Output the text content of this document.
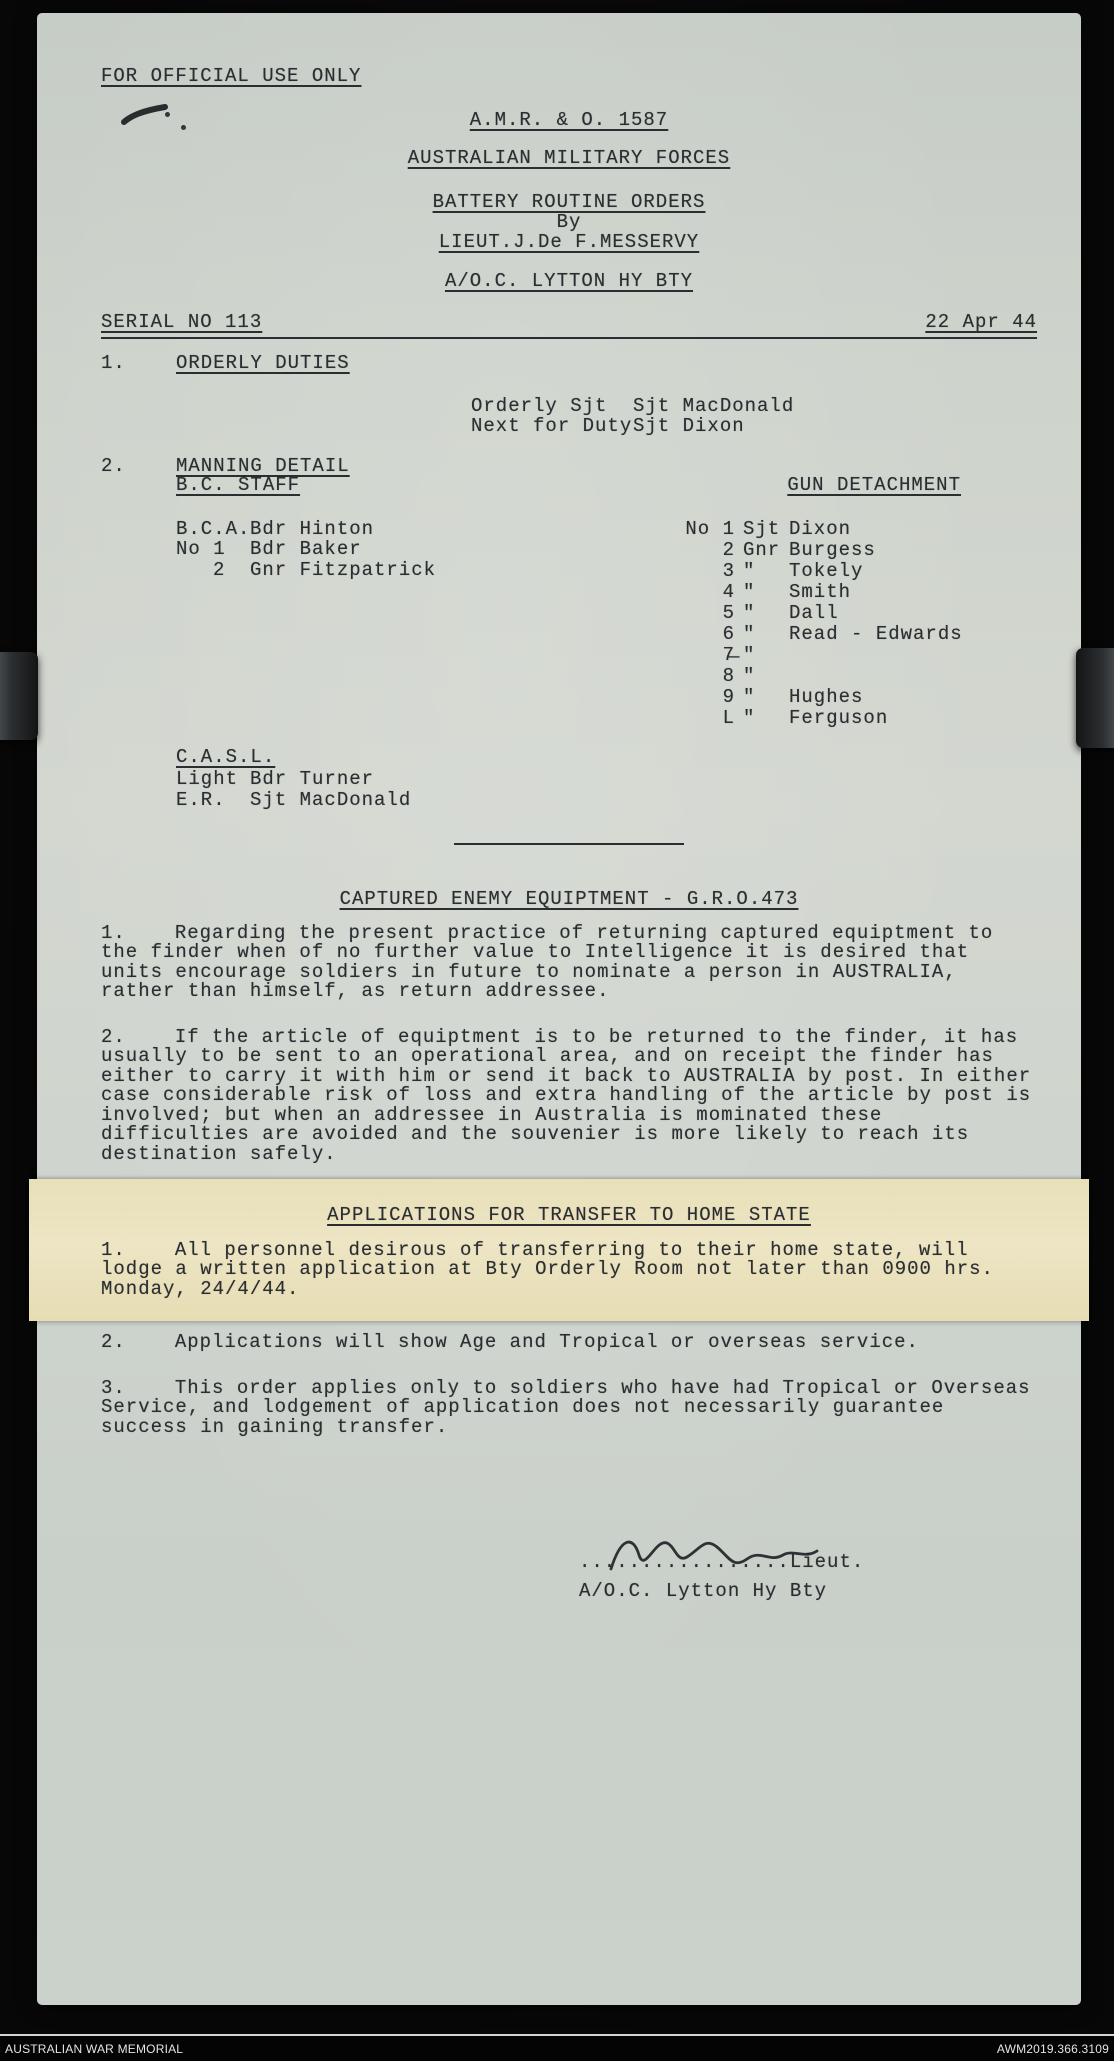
FOR OFFICIAL USE ONLY
A.M.R. & O. 1587
AUSTRALIAN MILITARY FORCES
BATTERY ROUTINE ORDERS
By
LIEUT.J.De F.MESSERVY
A/O.C. LYTTON HY BTY
SERIAL NO 113	22 Apr 44
1.	ORDERLY DUTIES
Orderly Sjt Sjt MacDonald
Next for DutySjt Dixon
2.	MANNING DETAIL
B.C. STAFF	GUN DETACHMENT
B.C.A.Bdr Hinton
No 1 Bdr Baker
2 Gnr Fitzpatrick
No 1 Sjt Dixon
2 Gnr Burgess
3 " Tokely
4 " Smith
5 " Dall
6 " Read - Edwards
7̶ "
8 "
9 " Hughes
L " Ferguson
C.A.S.L.
Light Bdr Turner
E.R. Sjt MacDonald
CAPTURED ENEMY EQUIPTMENT - G.R.O.473
1.	Regarding the present practice of returning captured equiptment to the finder when of no further value to Intelligence it is desired that units encourage soldiers in future to nominate a person in AUSTRALIA, rather than himself, as return addressee.
2.	If the article of equiptment is to be returned to the finder, it has usually to be sent to an operational area, and on receipt the finder has either to carry it with him or send it back to AUSTRALIA by post. In either case considerable risk of loss and extra handling of the article by post is involved; but when an addressee in Australia is mominated these difficulties are avoided and the souvenier is more likely to reach its destination safely.
APPLICATIONS FOR TRANSFER TO HOME STATE
1.	All personnel desirous of transferring to their home state, will lodge a written application at Bty Orderly Room not later than 0900 hrs. Monday, 24/4/44.
2.	Applications will show Age and Tropical or overseas service.
3.	This order applies only to soldiers who have had Tropical or Overseas Service, and lodgement of application does not necessarily guarantee success in gaining transfer.
.................Lieut.
A/O.C. Lytton Hy Bty
AUSTRALIAN WAR MEMORIAL	AWM2019.366.3109
